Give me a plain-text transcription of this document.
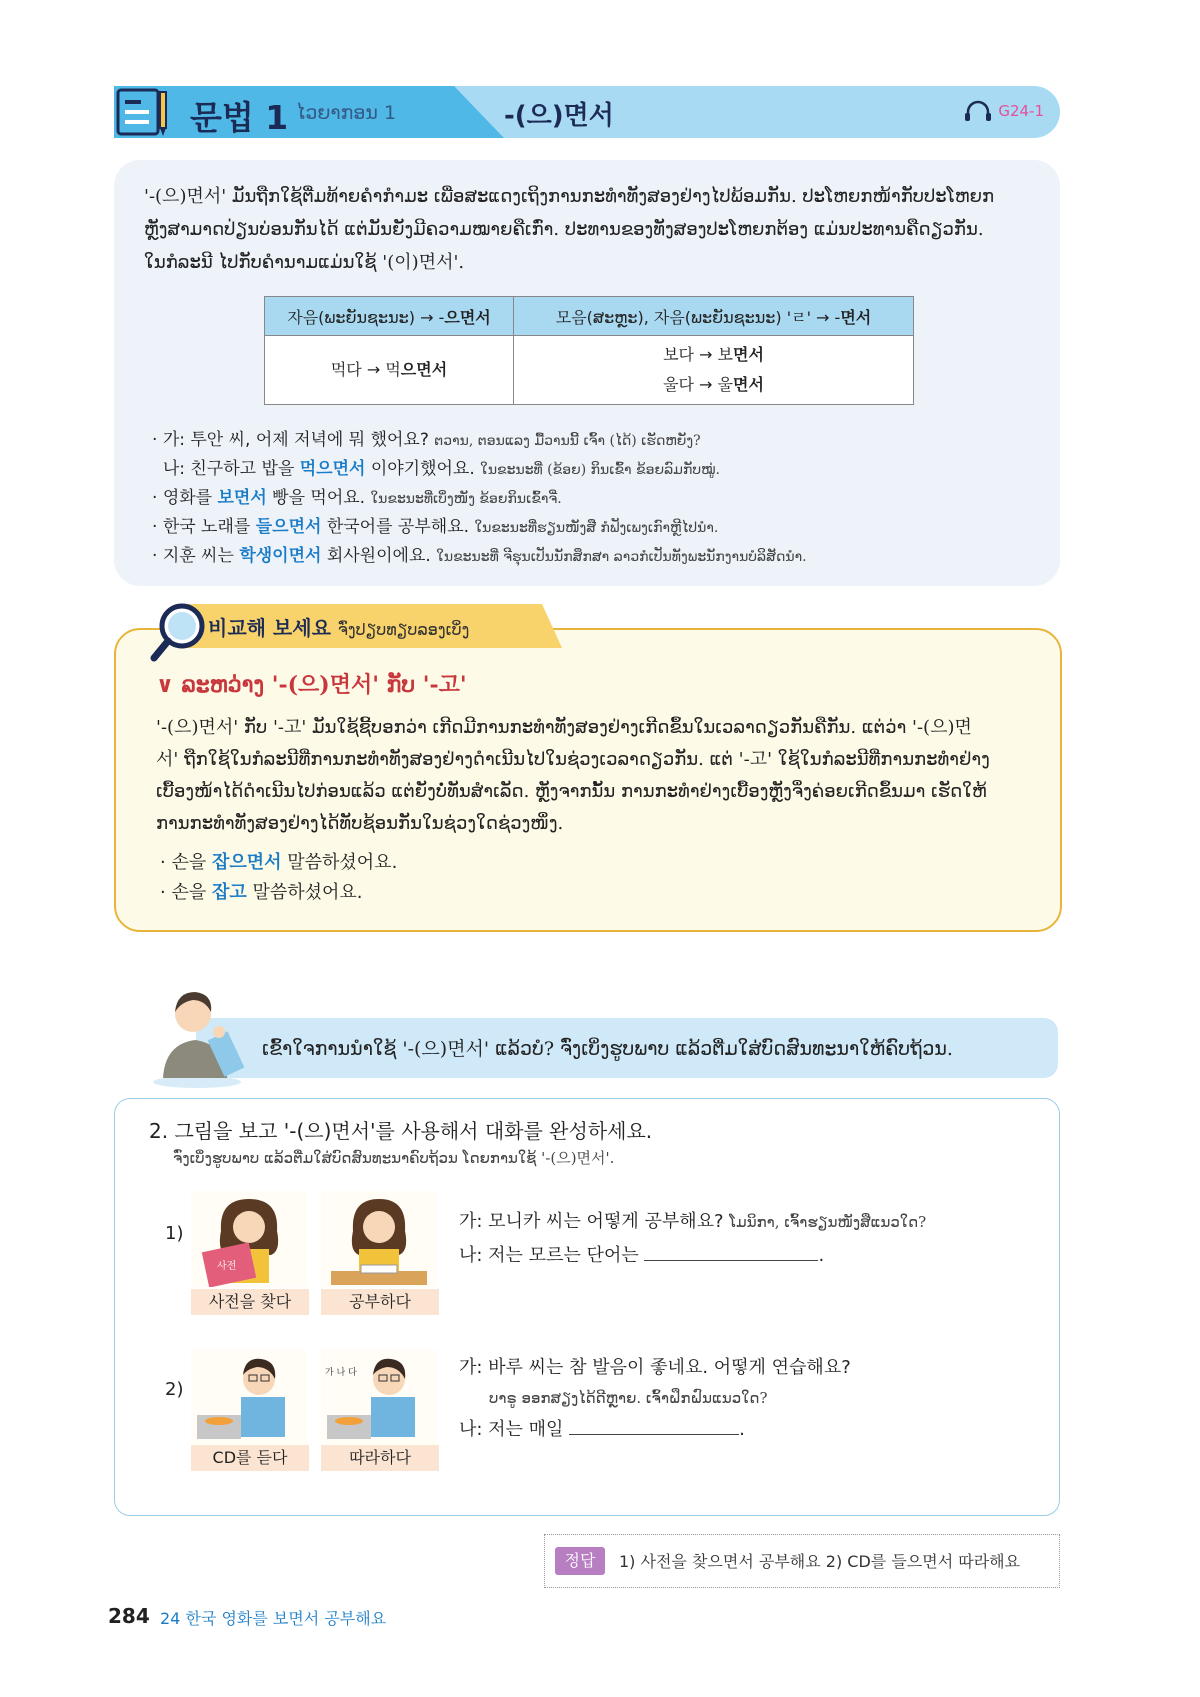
문법 1 ໄວຍາກອນ 1	-(으)면서	G24-1
'-(으)면서' ມັນຖືກໃຊ້ຕື່ມທ້າຍຄຳກຳມະ ເພື່ອສະແດງເຖິງການກະທຳທັງສອງຢ່າງໄປພ້ອມກັນ. ປະໂຫຍກໜ້າກັບປະໂຫຍກ
ຫຼັງສາມາດປ່ຽນບ່ອນກັນໄດ້ ແຕ່ມັນຍັງມີຄວາມໝາຍຄືເກົ່າ. ປະທານຂອງທັງສອງປະໂຫຍກຕ້ອງ ແມ່ນປະທານຄືດຽວກັນ.
ໃນກໍລະນີ ໄປກັບຄຳນາມແມ່ນໃຊ້ '(이)면서'.
자음(ພະຍັນຊະນະ) → -으면서	모음(ສະຫຼະ), 자음(ພະຍັນຊະນະ) 'ㄹ' → -면서
먹다 → 먹으면서	보다 → 보면서
울다 → 울면서
· 가: 투안 씨, 어제 저녁에 뭐 했어요? ຕວານ, ຕອນແລງ ມື້ວານນີ້ ເຈົ້າ (ໄດ້) ເຮັດຫຍັງ?
나: 친구하고 밥을 먹으면서 이야기했어요. ໃນຂະນະທີ່ (ຂ້ອຍ) ກິນເຂົ້າ ຂ້ອຍລົມກັບໝູ່.
· 영화를 보면서 빵을 먹어요. ໃນຂະນະທີ່ເບິ່ງໜັງ ຂ້ອຍກິນເຂົ້າຈີ່.
· 한국 노래를 들으면서 한국어를 공부해요. ໃນຂະນະທີ່ຮຽນໜັງສື ກໍຟັງເພງເກົາຫຼີໄປນຳ.
· 지훈 씨는 학생이면서 회사원이에요. ໃນຂະນະທີ່ ຈີຮຸນເປັນນັກສຶກສາ ລາວກໍເປັນທັງພະນັກງານບໍລິສັດນຳ.
비교해 보세요 ຈົ່ງປຽບທຽບລອງເບິ່ງ
∨ ລະຫວ່າງ '-(으)면서' ກັບ '-고'
'-(으)면서' ກັບ '-고' ມັນໃຊ້ຊີ້ບອກວ່າ ເກີດມີການກະທຳທັງສອງຢ່າງເກີດຂຶ້ນໃນເວລາດຽວກັນຄືກັນ. ແຕ່ວ່າ '-(으)면
서' ຖືກໃຊ້ໃນກໍລະນີທີ່ການກະທຳທັງສອງຢ່າງດຳເນີນໄປໃນຊ່ວງເວລາດຽວກັນ. ແຕ່ '-고' ໃຊ້ໃນກໍລະນີທີ່ການກະທຳຢ່າງ
ເບື້ອງໜ້າໄດ້ດຳເນີນໄປກ່ອນແລ້ວ ແຕ່ຍັງບໍ່ທັນສຳເລັດ. ຫຼັງຈາກນັ້ນ ການກະທຳຢ່າງເບື້ອງຫຼັງຈຶ່ງຄ່ອຍເກີດຂຶ້ນມາ ເຮັດໃຫ້
ການກະທຳທັງສອງຢ່າງໄດ້ທັບຊ້ອນກັນໃນຊ່ວງໃດຊ່ວງໜຶ່ງ.
· 손을 잡으면서 말씀하셨어요.
· 손을 잡고 말씀하셨어요.
ເຂົ້າໃຈການນຳໃຊ້ '-(으)면서' ແລ້ວບໍ? ຈົ່ງເບິ່ງຮູບພາບ ແລ້ວຕື່ມໃສ່ບົດສົນທະນາໃຫ້ຄົບຖ້ວນ.
2. 그림을 보고 '-(으)면서'를 사용해서 대화를 완성하세요.
ຈົ່ງເບິ່ງຮູບພາບ ແລ້ວຕື່ມໃສ່ບົດສົນທະນາຄົບຖ້ວນ ໂດຍການໃຊ້ '-(으)면서'.
1)
사전
사전을 찾다	공부하다
가: 모니카 씨는 어떻게 공부해요? ໂມນິກາ, ເຈົ້າຮຽນໜັງສືແນວໃດ?
나: 저는 모르는 단어는	.
2)
CD를 듣다
가 나 다
따라하다
가: 바루 씨는 참 발음이 좋네요. 어떻게 연습해요?
ບາຣູ ອອກສຽງໄດ້ດີຫຼາຍ. ເຈົ້າຝຶກຝົນແນວໃດ?
나: 저는 매일	.
정답	1) 사전을 찾으면서 공부해요 2) CD를 들으면서 따라해요
284 24 한국 영화를 보면서 공부해요
